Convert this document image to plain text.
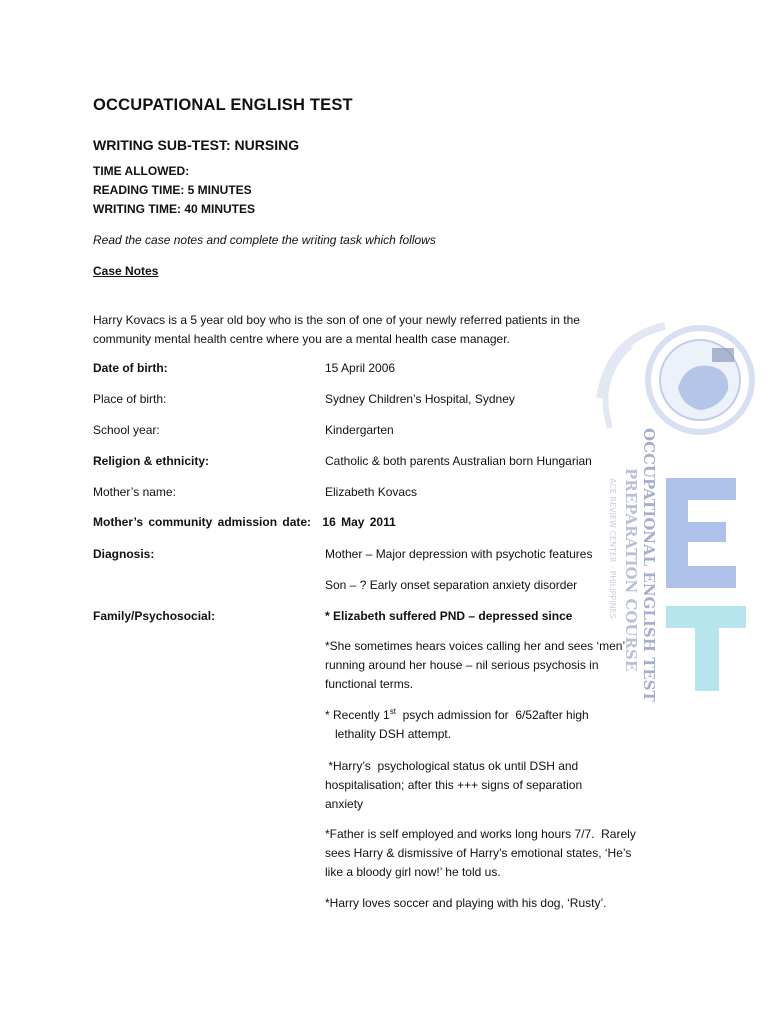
OCCUPATIONAL ENGLISH TEST
WRITING SUB-TEST: NURSING
TIME ALLOWED:
READING TIME: 5 MINUTES
WRITING TIME: 40 MINUTES
Read the case notes and complete the writing task which follows
Case Notes
Harry Kovacs is a 5 year old boy who is the son of one of your newly referred patients in the
community mental health centre where you are a mental health case manager.
Date of birth:	15 April 2006
Place of birth:	Sydney Children’s Hospital, Sydney
School year:	Kindergarten
Religion & ethnicity:	Catholic & both parents Australian born Hungarian
Mother’s name:	Elizabeth Kovacs
Mother’s community admission date: 16 May 2011
Diagnosis:	Mother – Major depression with psychotic features
Son – ? Early onset separation anxiety disorder
Family/Psychosocial:	* Elizabeth suffered PND – depressed since
*She sometimes hears voices calling her and sees ‘men’
running around her house – nil serious psychosis in
functional terms.
* Recently 1st  psych admission for  6/52after high
lethality DSH attempt.
*Harry’s  psychological status ok until DSH and
hospitalisation; after this +++ signs of separation
anxiety
*Father is self employed and works long hours 7/7.  Rarely
sees Harry & dismissive of Harry’s emotional states, ‘He’s
like a bloody girl now!’ he told us.
*Harry loves soccer and playing with his dog, ‘Rusty’.
OCCUPATIONAL ENGLISH TEST
PREPARATION COURSE
ACE REVIEW CENTER - PHILIPPINES
